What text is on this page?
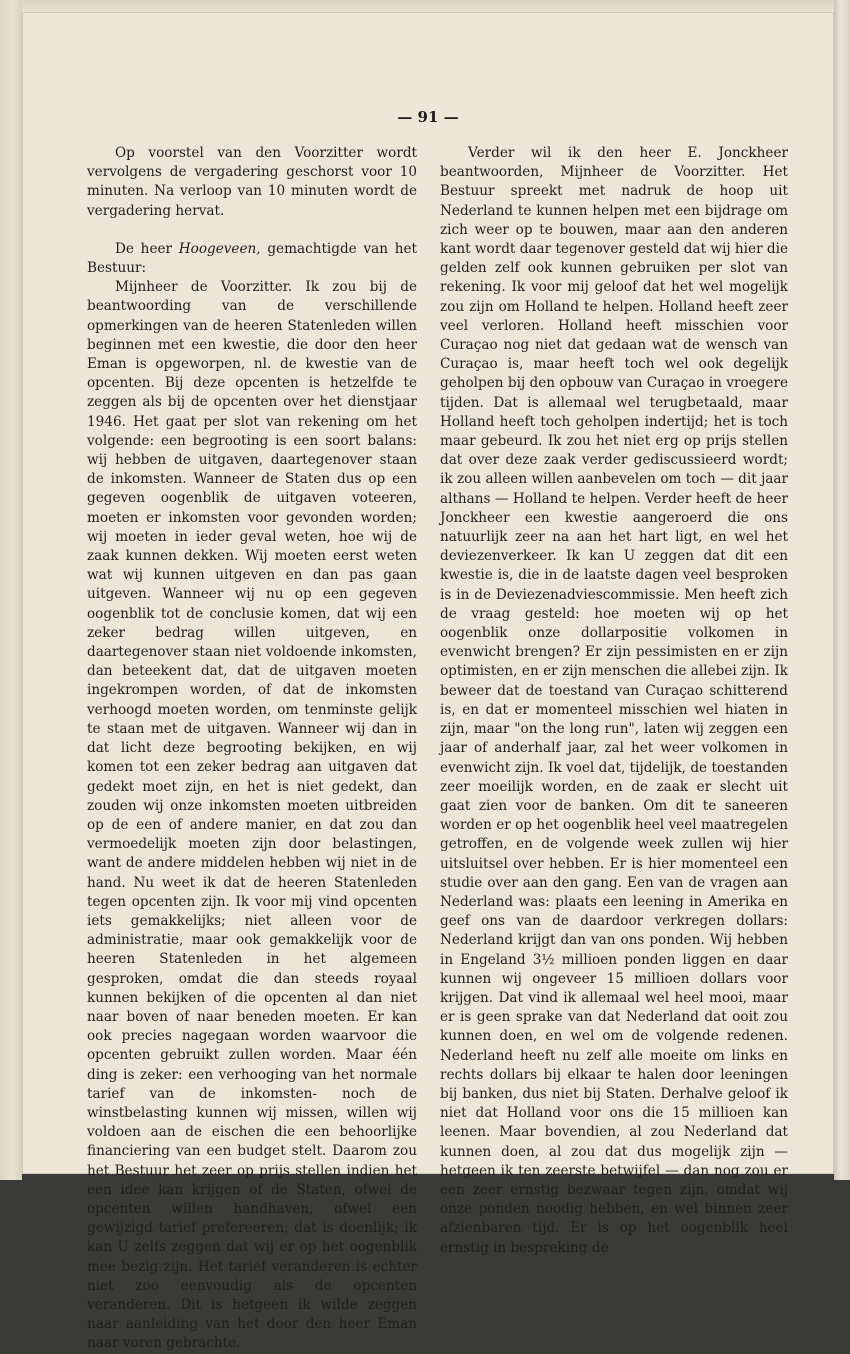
— 91 —

Op voorstel van den Voorzitter wordt vervolgens de vergadering geschorst voor 10 minuten. Na verloop van 10 minuten wordt de vergadering hervat.

De heer Hoogeveen, gemachtigde van het Bestuur:

Mijnheer de Voorzitter. Ik zou bij de beantwoording van de verschillende opmerkingen van de heeren Statenleden willen beginnen met een kwestie, die door den heer Eman is opgeworpen, nl. de kwestie van de opcenten. Bij deze opcenten is hetzelfde te zeggen als bij de opcenten over het dienstjaar 1946. Het gaat per slot van rekening om het volgende: een begrooting is een soort balans: wij hebben de uitgaven, daartegenover staan de inkomsten. Wanneer de Staten dus op een gegeven oogenblik de uitgaven voteeren, moeten er inkomsten voor gevonden worden; wij moeten in ieder geval weten, hoe wij de zaak kunnen dekken. Wij moeten eerst weten wat wij kunnen uitgeven en dan pas gaan uitgeven. Wanneer wij nu op een gegeven oogenblik tot de conclusie komen, dat wij een zeker bedrag willen uitgeven, en daartegenover staan niet voldoende inkomsten, dan beteekent dat, dat de uitgaven moeten ingekrompen worden, of dat de inkomsten verhoogd moeten worden, om tenminste gelijk te staan met de uitgaven. Wanneer wij dan in dat licht deze begrooting bekijken, en wij komen tot een zeker bedrag aan uitgaven dat gedekt moet zijn, en het is niet gedekt, dan zouden wij onze inkomsten moeten uitbreiden op de een of andere manier, en dat zou dan vermoedelijk moeten zijn door belastingen, want de andere middelen hebben wij niet in de hand. Nu weet ik dat de heeren Statenleden tegen opcenten zijn. Ik voor mij vind opcenten iets gemakkelijks; niet alleen voor de administratie, maar ook gemakkelijk voor de heeren Statenleden in het algemeen gesproken, omdat die dan steeds royaal kunnen bekijken of die opcenten al dan niet naar boven of naar beneden moeten. Er kan ook precies nagegaan worden waarvoor die opcenten gebruikt zullen worden. Maar één ding is zeker: een verhooging van het normale tarief van de inkomsten- noch de winstbelasting kunnen wij missen, willen wij voldoen aan de eischen die een behoorlijke financiering van een budget stelt. Daarom zou het Bestuur het zeer op prijs stellen indien het een idee kan krijgen of de Staten, ofwel de opcenten willen handhaven, ofwel een gewijzigd tarief prefereeren; dat is doenlijk; ik kan U zelfs zeggen dat wij er op het oogenblik mee bezig zijn. Het tarief veranderen is echter niet zoo eenvoudig als de opcenten veranderen. Dit is hetgeen ik wilde zeggen naar aanleiding van het door den heer Eman naar voren gebrachte.

Verder wil ik den heer E. Jonckheer beantwoorden, Mijnheer de Voorzitter. Het Bestuur spreekt met nadruk de hoop uit Nederland te kunnen helpen met een bijdrage om zich weer op te bouwen, maar aan den anderen kant wordt daar tegenover gesteld dat wij hier die gelden zelf ook kunnen gebruiken per slot van rekening. Ik voor mij geloof dat het wel mogelijk zou zijn om Holland te helpen. Holland heeft zeer veel verloren. Holland heeft misschien voor Curaçao nog niet dat gedaan wat de wensch van Curaçao is, maar heeft toch wel ook degelijk geholpen bij den opbouw van Curaçao in vroegere tijden. Dat is allemaal wel terugbetaald, maar Holland heeft toch geholpen indertijd; het is toch maar gebeurd. Ik zou het niet erg op prijs stellen dat over deze zaak verder gediscussieerd wordt; ik zou alleen willen aanbevelen om toch — dit jaar althans — Holland te helpen. Verder heeft de heer Jonckheer een kwestie aangeroerd die ons natuurlijk zeer na aan het hart ligt, en wel het deviezenverkeer. Ik kan U zeggen dat dit een kwestie is, die in de laatste dagen veel besproken is in de Deviezenadviescommissie. Men heeft zich de vraag gesteld: hoe moeten wij op het oogenblik onze dollarpositie volkomen in evenwicht brengen? Er zijn pessimisten en er zijn optimisten, en er zijn menschen die allebei zijn. Ik beweer dat de toestand van Curaçao schitterend is, en dat er momenteel misschien wel hiaten in zijn, maar "on the long run", laten wij zeggen een jaar of anderhalf jaar, zal het weer volkomen in evenwicht zijn. Ik voel dat, tijdelijk, de toestanden zeer moeilijk worden, en de zaak er slecht uit gaat zien voor de banken. Om dit te saneeren worden er op het oogenblik heel veel maatregelen getroffen, en de volgende week zullen wij hier uitsluitsel over hebben. Er is hier momenteel een studie over aan den gang. Een van de vragen aan Nederland was: plaats een leening in Amerika en geef ons van de daardoor verkregen dollars: Nederland krijgt dan van ons ponden. Wij hebben in Engeland 3½ millioen ponden liggen en daar kunnen wij ongeveer 15 millioen dollars voor krijgen. Dat vind ik allemaal wel heel mooi, maar er is geen sprake van dat Nederland dat ooit zou kunnen doen, en wel om de volgende redenen. Nederland heeft nu zelf alle moeite om links en rechts dollars bij elkaar te halen door leeningen bij banken, dus niet bij Staten. Derhalve geloof ik niet dat Holland voor ons die 15 millioen kan leenen. Maar bovendien, al zou Nederland dat kunnen doen, al zou dat dus mogelijk zijn — hetgeen ik ten zeerste betwijfel — dan nog zou er een zeer ernstig bezwaar tegen zijn, omdat wij onze ponden noodig hebben, en wel binnen zeer afzienbaren tijd. Er is op het oogenblik heel ernstig in bespreking de
